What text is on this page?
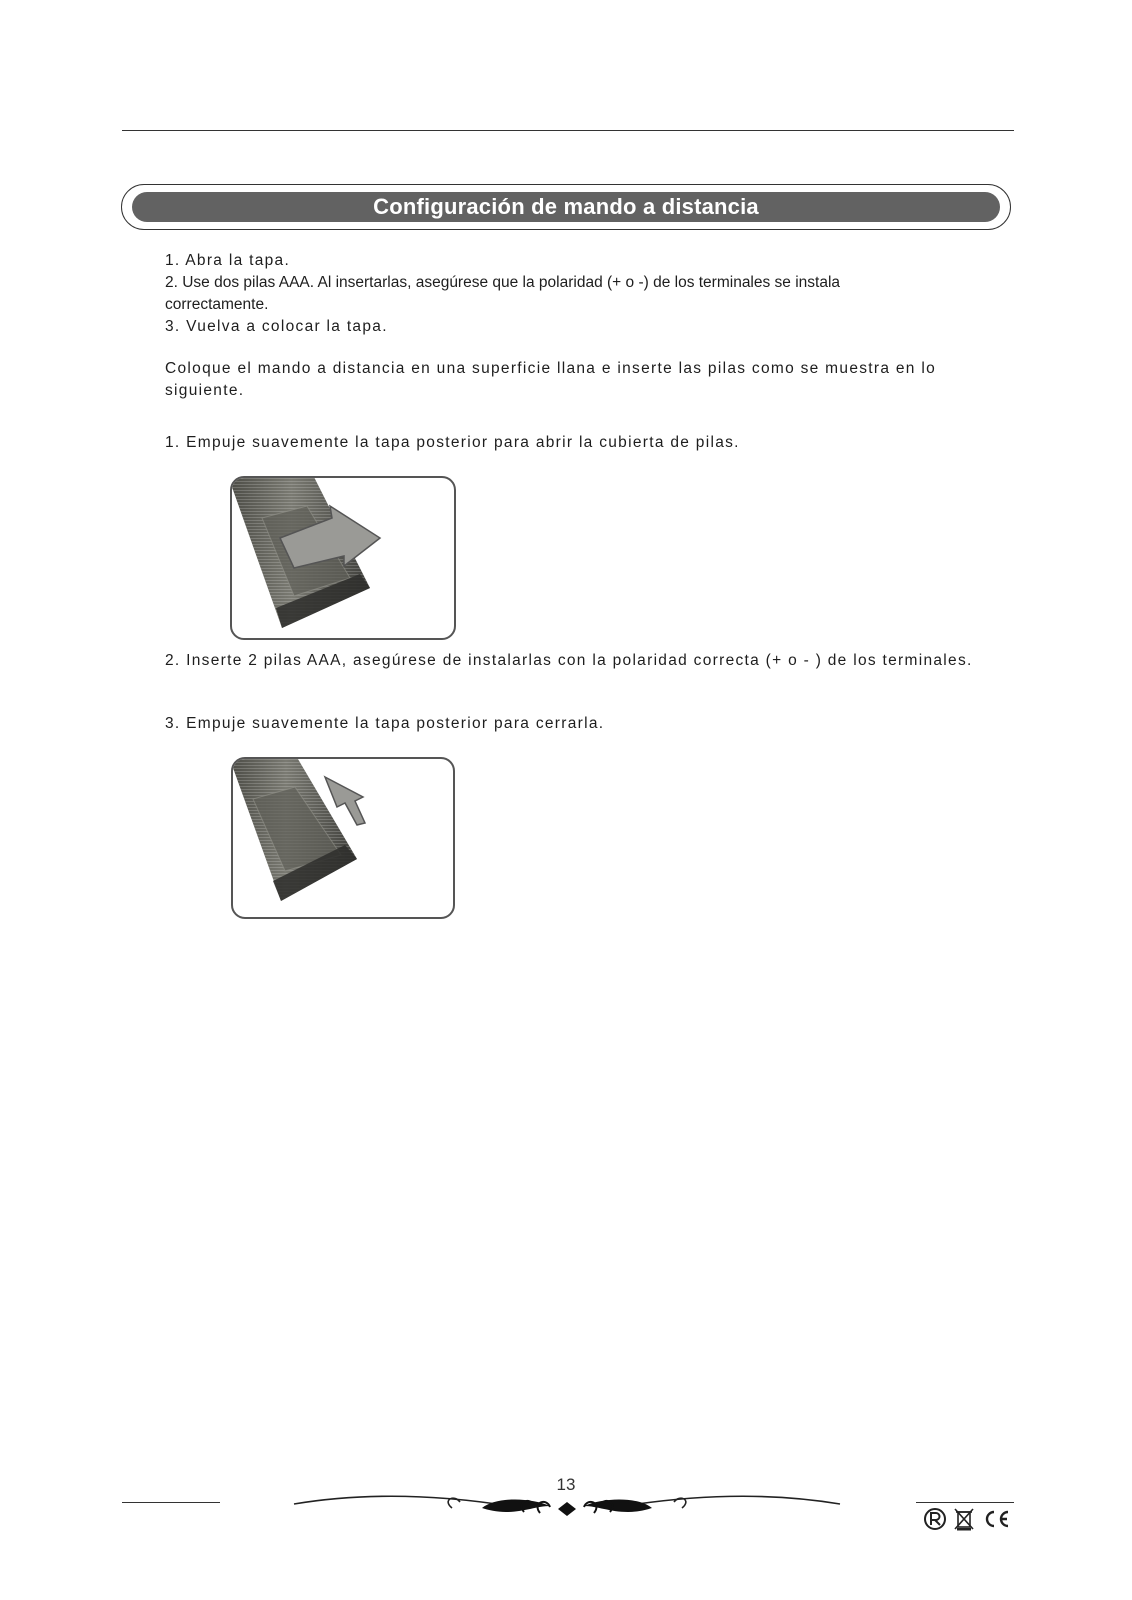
Configuración de mando a distancia
1. Abra la tapa.
2. Use dos pilas AAA. Al insertarlas, asegúrese que la polaridad (+ o -) de los terminales se instala
correctamente.
3. Vuelva a colocar la tapa.
Coloque el mando a distancia en una superficie llana e inserte las pilas como se muestra en lo
siguiente.
1. Empuje suavemente la tapa posterior para abrir la cubierta de pilas.
2. Inserte 2 pilas AAA, asegúrese de instalarlas con la polaridad correcta (+ o - ) de los terminales.
3. Empuje suavemente la tapa posterior para cerrarla.
13
